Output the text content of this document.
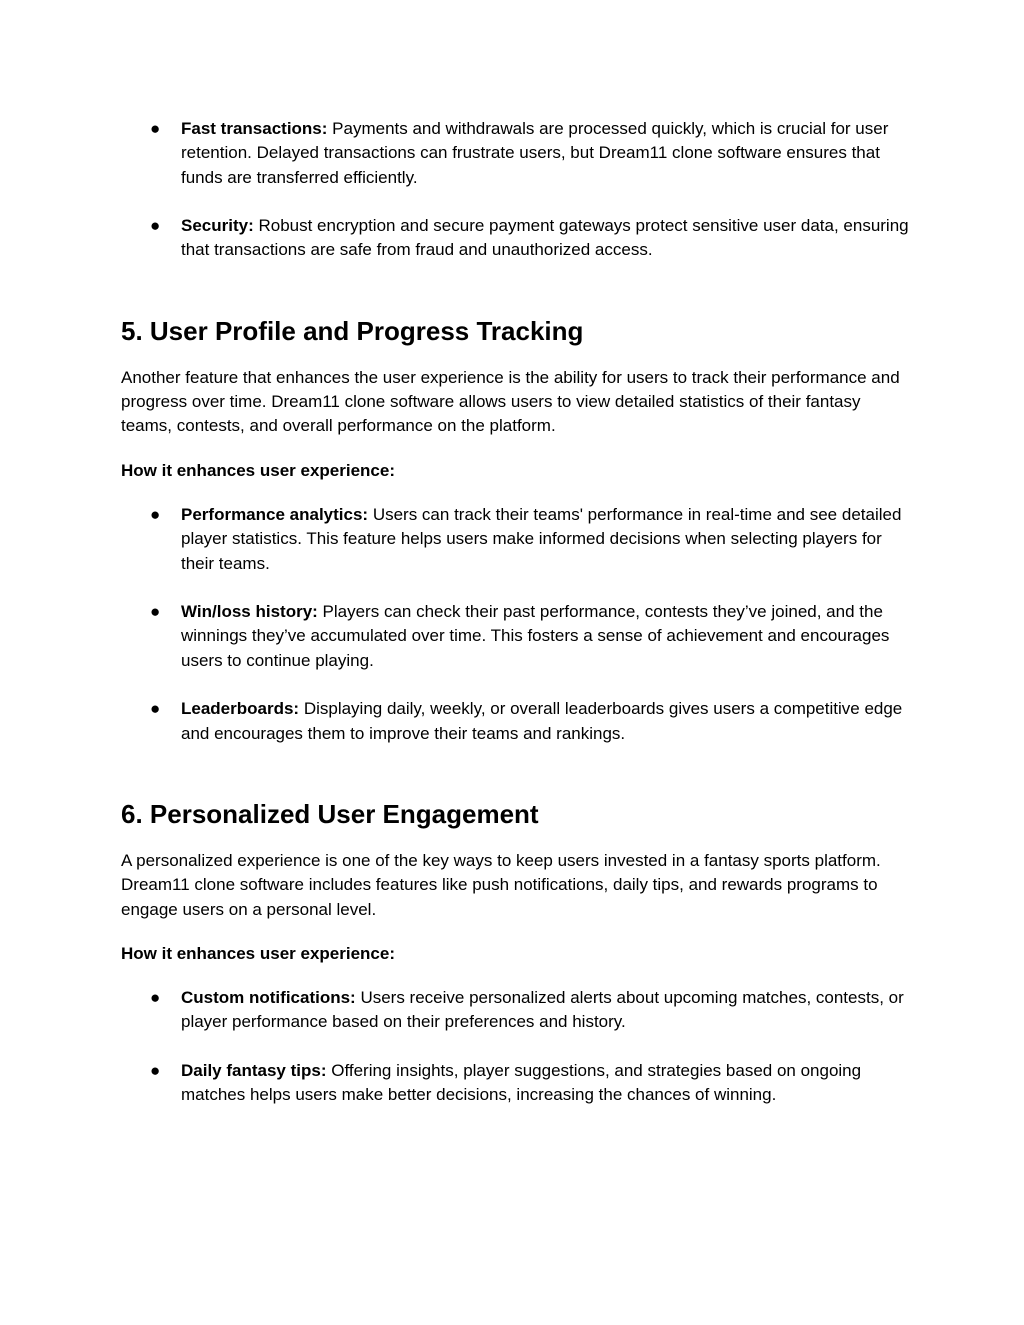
● Fast transactions: Payments and withdrawals are processed quickly, which is crucial for user retention. Delayed transactions can frustrate users, but Dream11 clone software ensures that funds are transferred efficiently.
● Security: Robust encryption and secure payment gateways protect sensitive user data, ensuring that transactions are safe from fraud and unauthorized access.
5. User Profile and Progress Tracking

Another feature that enhances the user experience is the ability for users to track their performance and progress over time. Dream11 clone software allows users to view detailed statistics of their fantasy teams, contests, and overall performance on the platform.

How it enhances user experience:

● Performance analytics: Users can track their teams' performance in real-time and see detailed player statistics. This feature helps users make informed decisions when selecting players for their teams.
● Win/loss history: Players can check their past performance, contests they’ve joined, and the winnings they’ve accumulated over time. This fosters a sense of achievement and encourages users to continue playing.
● Leaderboards: Displaying daily, weekly, or overall leaderboards gives users a competitive edge and encourages them to improve their teams and rankings.
6. Personalized User Engagement

A personalized experience is one of the key ways to keep users invested in a fantasy sports platform. Dream11 clone software includes features like push notifications, daily tips, and rewards programs to engage users on a personal level.

How it enhances user experience:

● Custom notifications: Users receive personalized alerts about upcoming matches, contests, or player performance based on their preferences and history.
● Daily fantasy tips: Offering insights, player suggestions, and strategies based on ongoing matches helps users make better decisions, increasing the chances of winning.
